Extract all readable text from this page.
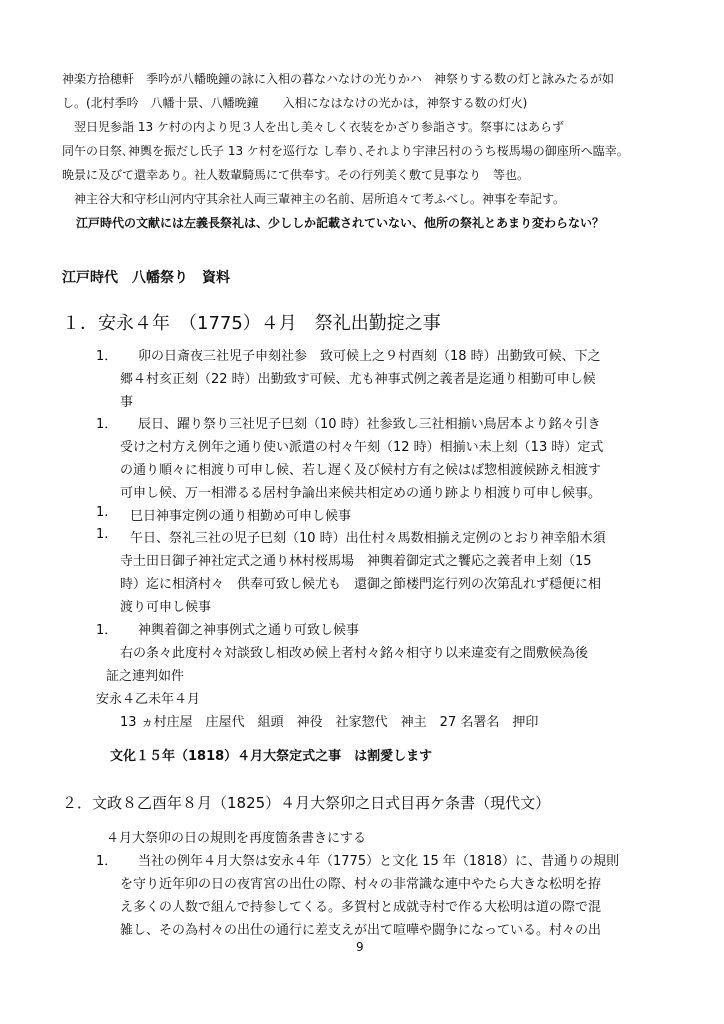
神楽方拾穂軒　季吟が八幡晩鐘の詠に入相の暮なハなけの光りかハ　神祭りする数の灯と詠みたるが如
し。(北村季吟　八幡十景、八幡晩鐘　　入相になはなけの光かは，神祭する数の灯火)
翌日児参詣 13 ケ村の内より児３人を出し美々しく衣装をかざり参詣さす。祭事にはあらず
同午の日祭､神輿を振だし氏子 13 ケ村を巡行な し奉り､それより宇津呂村のうち桜馬場の御座所へ臨幸。
晩景に及びて還幸あり。社人数輩騎馬にて供奉す。その行列美く敷て見事なり　等也。
神主谷大和守杉山河内守其余社人両三輩神主の名前、居所追々て考ふべし。神事を奉記す。
江戸時代の文献には左義長祭礼は、少ししか記載されていない、他所の祭礼とあまり変わらない？
江戸時代　八幡祭り　資料
１．安永４年　（1775）４月　祭礼出勤掟之事
1． 卯の日斎夜三社児子申刻社参　致可候上之９村酉刻（18 時）出勤致可候、下之
郷４村亥正刻（22 時）出勤致す可候、尤も神事式例之義者是迄通り相勤可申し候
事
1． 辰日、躍り祭り三社児子巳刻（10 時）社参致し三社相揃い鳥居本より銘々引き
受け之村方え例年之通り使い派遣の村々午刻（12 時）相揃い未上刻（13 時）定式
の通り順々に相渡り可申し候、若し遅く及び候村方有之候はば惣相渡候跡え相渡す
可申し候、万一相滞るる居村争論出来候共相定めの通り跡より相渡り可申し候事。
1. 巳日神事定例の通り相勤め可申し候事
1. 午日、祭礼三社の児子巳刻（10 時）出仕村々馬数相揃え定例のとおり神幸船木須
寺土田日御子神社定式之通り林村桜馬場　神輿着御定式之饗応之義者申上刻（15
時）迄に相済村々　供奉可致し候尤も　還御之節楼門迄行列の次第乱れず穏便に相
渡り可申し候事
1． 神輿着御之神事例式之通り可致し候事
右の条々此度村々対談致し相改め候上者村々銘々相守り以来違変有之間敷候為後
証之連判如件
安永４乙未年４月
13 ヵ村庄屋　庄屋代　組頭　神役　社家惣代　神主　27 名署名　押印
文化１５年（1818）４月大祭定式之事　は割愛します
２．文政８乙酉年８月（1825）４月大祭卯之日式目再ケ条書（現代文）
４月大祭卯の日の規則を再度箇条書きにする
1． 当社の例年４月大祭は安永４年（1775）と文化 15 年（1818）に、昔通りの規則
を守り近年卯の日の夜宵宮の出仕の際、村々の非常識な連中やたら大きな松明を拵
え多くの人数で組んで持参してくる。多賀村と成就寺村で作る大松明は道の際で混
雑し、その為村々の出仕の通行に差支えが出て喧嘩や闘争になっている。村々の出
9
